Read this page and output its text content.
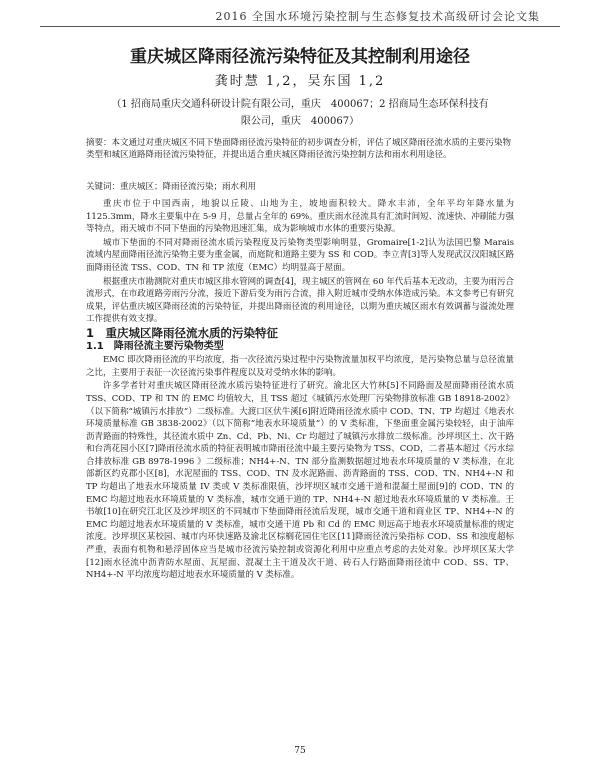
2016 全国水环境污染控制与生态修复技术高级研讨会论文集
重庆城区降雨径流污染特征及其控制利用途径
龚时慧 1,2，吴东国 1,2
（1 招商局重庆交通科研设计院有限公司，重庆　400067；2 招商局生态环保科技有限公司，重庆　400067）
摘要：本文通过对重庆城区不同下垫面降雨径流污染特征的初步调查分析，评估了城区降雨径流水质的主要污染物类型和城区道路降雨径流污染特征，并提出适合重庆城区降雨径流污染控制方法和雨水利用途径。
关键词：重庆城区；降雨径流污染；雨水利用

重庆市位于中国西南，地貌以丘陵、山地为主，坡地面积较大。降水丰沛，全年平均年降水量为 1125.3mm，降水主要集中在 5-9 月，总量占全年的 69%。重庆雨水径流具有汇流时间短、流速快、冲刷能力强等特点，雨天城市不同下垫面的污染物迅速汇集，成为影响城市水体的重要污染源。

城市下垫面的不同对降雨径流水质污染程度及污染物类型影响明显，Gromaire[1-2]认为法国巴黎 Marais 流域内屋面降雨径流污染物主要为重金属，而庭院和道路主要为 SS 和 COD。李立青[3]等人发现武汉汉阳城区路面降雨径流 TSS、COD、TN 和 TP 浓度（EMC）均明显高于屋面。

根据重庆市勘测院对重庆市城区排水管网的调查[4]，现主城区的管网在 60 年代后基本无改动，主要为雨污合流形式，在市政道路旁雨污分流，接近下游后变为雨污合流，排入附近城市受纳水体造成污染。本文参考已有研究成果，评估重庆城区降雨径流的污染特征，并提出降雨径流的利用途径，以期为重庆城区雨水有效调蓄与溢流处理工作提供有效支撑。

1　重庆城区降雨径流水质的污染特征

1.1　降雨径流主要污染物类型

EMC 即次降雨径流的平均浓度，指一次径流污染过程中污染物流量加权平均浓度，是污染物总量与总径流量之比，主要用于表征一次径流污染事件程度以及对受纳水体的影响。

许多学者针对重庆城区降雨径流水质污染特征进行了研究。渝北区大竹林[5]不同路面及屋面降雨径流水质 TSS、COD、TP 和 TN 的 EMC 均值较大，且 TSS 超过《城镇污水处理厂污染物排放标准 GB 18918-2002》（以下简称“城镇污水排放”）二级标准。大渡口区伏牛溪[6]附近降雨径流水质中 COD、TN、TP 均超过《地表水环境质量标准 GB 3838-2002》（以下简称“地表水环境质量”）的 V 类标准，下垫面重金属污染较轻，由于油库沥青路面的特殊性，其径流水质中 Zn、Cd、Pb、Ni、Cr 均超过了城镇污水排放二级标准。沙坪坝区土、次干路和台湾花园小区[7]降雨径流水质的特征表明城市降雨径流中最主要污染物为 TSS、COD，二者基本超过《污水综合排放标准 GB 8978-1996 》二级标准；NH4+-N、TN 部分监测数据超过地表水环境质量的 V 类标准，在北部新区约克郡小区[8]，水泥屋面的 TSS、COD、TN 及水泥路面、沥青路面的 TSS、COD、TN、NH4+-N 和 TP 均超出了地表水环境质量 IV 类或 V 类标准限值，沙坪坝区城市交通干道和混凝土屋面[9]的 COD、TN 的 EMC 均超过地表水环境质量的 V 类标准，城市交通干道的 TP、NH4+-N 超过地表水环境质量的 V 类标准。王书敏[10]在研究江北区及沙坪坝区的不同城市下垫面降雨径流后发现，城市交通干道和商业区 TP、NH4+-N 的 EMC 均超过地表水环境质量的 V 类标准，城市交通干道 Pb 和 Cd 的 EMC 则远高于地表水环境质量标准的规定浓度。沙坪坝区某校园、城市内环快速路及渝北区棕榈花园住宅区[11]降雨径流污染指标 COD、SS 和浊度超标严重，表面有机物和悬浮固体应当是城市径流污染控制或资源化利用中应重点考虑的去处对象。沙坪坝区某大学[12]雨水径流中沥青防水屋面、瓦屋面、混凝土主干道及次干道、砖石人行路面降雨径流中 COD、SS、TP、NH4+-N 平均浓度均超过地表水环境质量的 V 类标准。

75
